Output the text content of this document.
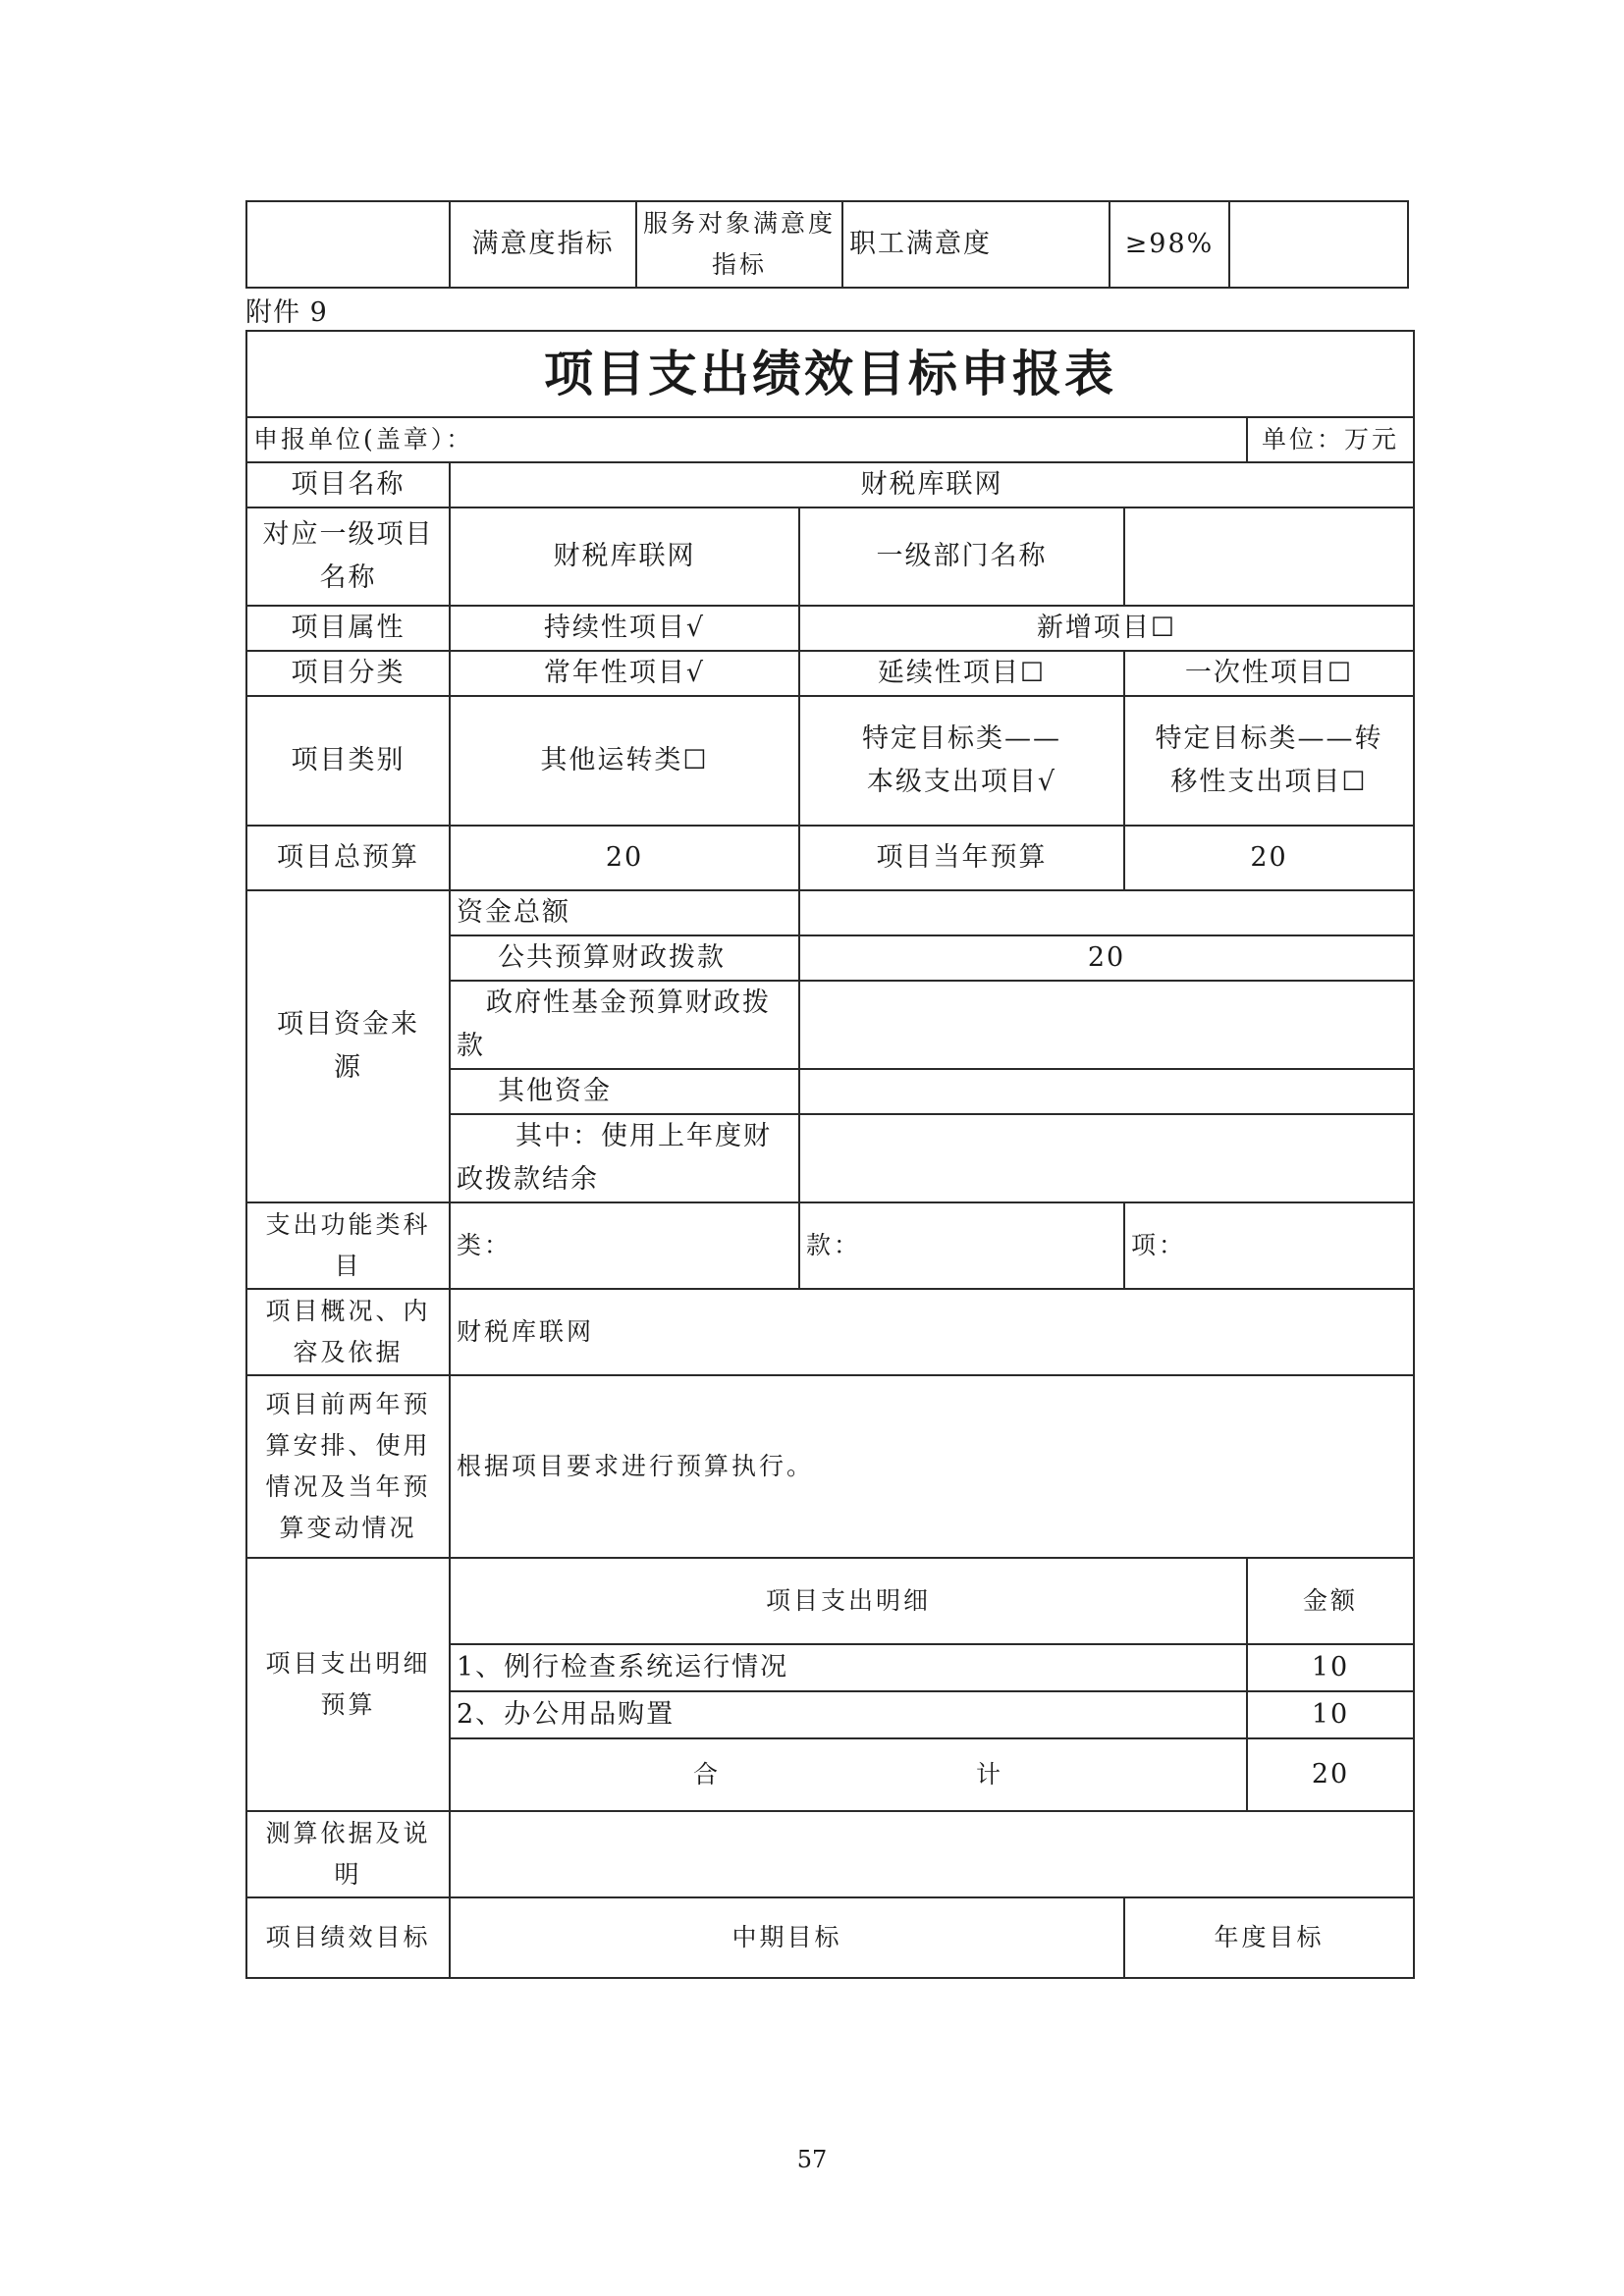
	满意度指标	服务对象满意度指标	职工满意度	≥98%	
附件 9
项目支出绩效目标申报表				
申报单位(盖章）：				单位：万元
项目名称	财税库联网			
对应一级项目名称	财税库联网	一级部门名称		
项目属性	持续性项目√	新增项目☐		
项目分类	常年性项目√	延续性项目☐	一次性项目☐	
项目类别	其他运转类☐	特定目标类——本级支出项目√	特定目标类——转移性支出项目☐	
项目总预算	20	项目当年预算	20	
项目资金来源	资金总额			
	公共预算财政拨款	20		
	政府性基金预算财政拨款			
	其他资金			
	其中：使用上年度财政拨款结余			
支出功能类科目	类：	款：	项：	
项目概况、内容及依据	财税库联网			
项目前两年预算安排、使用情况及当年预算变动情况	根据项目要求进行预算执行。			
项目支出明细预算	项目支出明细			金额
	1、例行检查系统运行情况			10
	2、办公用品购置			10
	合 计			20
测算依据及说明				
项目绩效目标	中期目标		年度目标	
57
